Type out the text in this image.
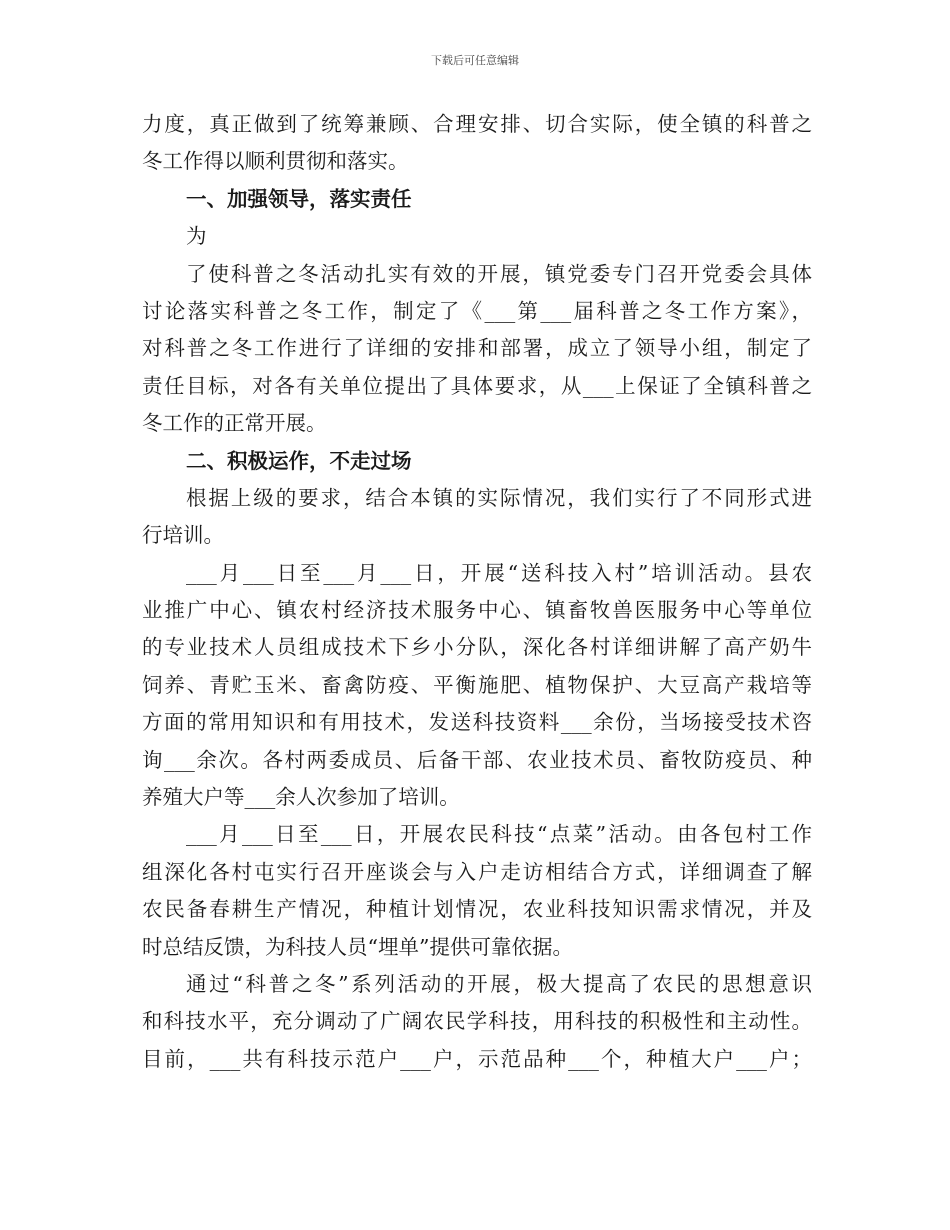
下载后可任意编辑
力度，真正做到了统筹兼顾、合理安排、切合实际，使全镇的科普之
冬工作得以顺利贯彻和落实。
一、加强领导，落实责任
为
了使科普之冬活动扎实有效的开展，镇党委专门召开党委会具体
讨论落实科普之冬工作，制定了《___第___届科普之冬工作方案》，
对科普之冬工作进行了详细的安排和部署，成立了领导小组，制定了
责任目标，对各有关单位提出了具体要求，从___上保证了全镇科普之
冬工作的正常开展。
二、积极运作，不走过场
根据上级的要求，结合本镇的实际情况，我们实行了不同形式进
行培训。
___月___日至___月___日，开展“送科技入村”培训活动。县农
业推广中心、镇农村经济技术服务中心、镇畜牧兽医服务中心等单位
的专业技术人员组成技术下乡小分队，深化各村详细讲解了高产奶牛
饲养、青贮玉米、畜禽防疫、平衡施肥、植物保护、大豆高产栽培等
方面的常用知识和有用技术，发送科技资料___余份，当场接受技术咨
询___余次。各村两委成员、后备干部、农业技术员、畜牧防疫员、种
养殖大户等___余人次参加了培训。
___月___日至___日，开展农民科技“点菜”活动。由各包村工作
组深化各村屯实行召开座谈会与入户走访相结合方式，详细调查了解
农民备春耕生产情况，种植计划情况，农业科技知识需求情况，并及
时总结反馈，为科技人员“埋单”提供可靠依据。
通过“科普之冬”系列活动的开展，极大提高了农民的思想意识
和科技水平，充分调动了广阔农民学科技，用科技的积极性和主动性。
目前，___共有科技示范户___户，示范品种___个，种植大户___户；
